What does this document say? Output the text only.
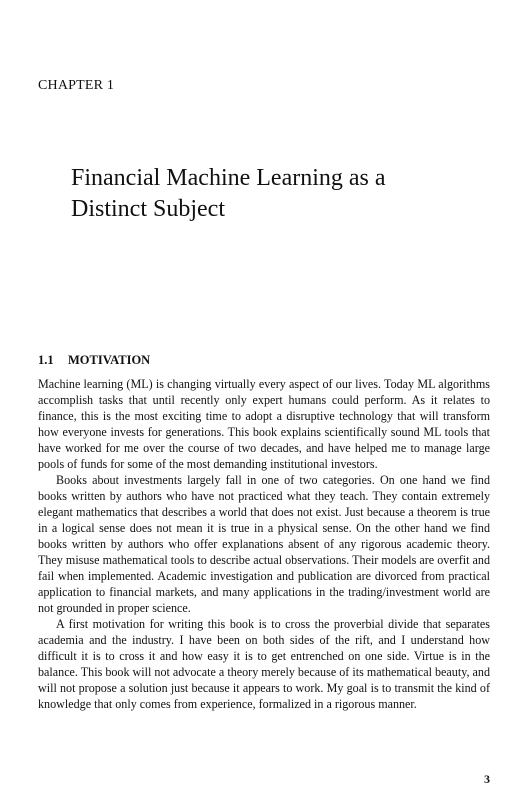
CHAPTER 1
Financial Machine Learning as a
Distinct Subject
1.1 MOTIVATION

Machine learning (ML) is changing virtually every aspect of our lives. Today ML algorithms accomplish tasks that until recently only expert humans could perform. As it relates to finance, this is the most exciting time to adopt a disruptive technology that will transform how everyone invests for generations. This book explains scientifically sound ML tools that have worked for me over the course of two decades, and have helped me to manage large pools of funds for some of the most demanding institutional investors.

Books about investments largely fall in one of two categories. On one hand we find books written by authors who have not practiced what they teach. They contain extremely elegant mathematics that describes a world that does not exist. Just because a theorem is true in a logical sense does not mean it is true in a physical sense. On the other hand we find books written by authors who offer explanations absent of any rigorous academic theory. They misuse mathematical tools to describe actual observations. Their models are overfit and fail when implemented. Academic investigation and publication are divorced from practical application to financial markets, and many applications in the trading/investment world are not grounded in proper science.

A first motivation for writing this book is to cross the proverbial divide that separates academia and the industry. I have been on both sides of the rift, and I understand how difficult it is to cross it and how easy it is to get entrenched on one side. Virtue is in the balance. This book will not advocate a theory merely because of its mathematical beauty, and will not propose a solution just because it appears to work. My goal is to transmit the kind of knowledge that only comes from experience, formalized in a rigorous manner.

3
